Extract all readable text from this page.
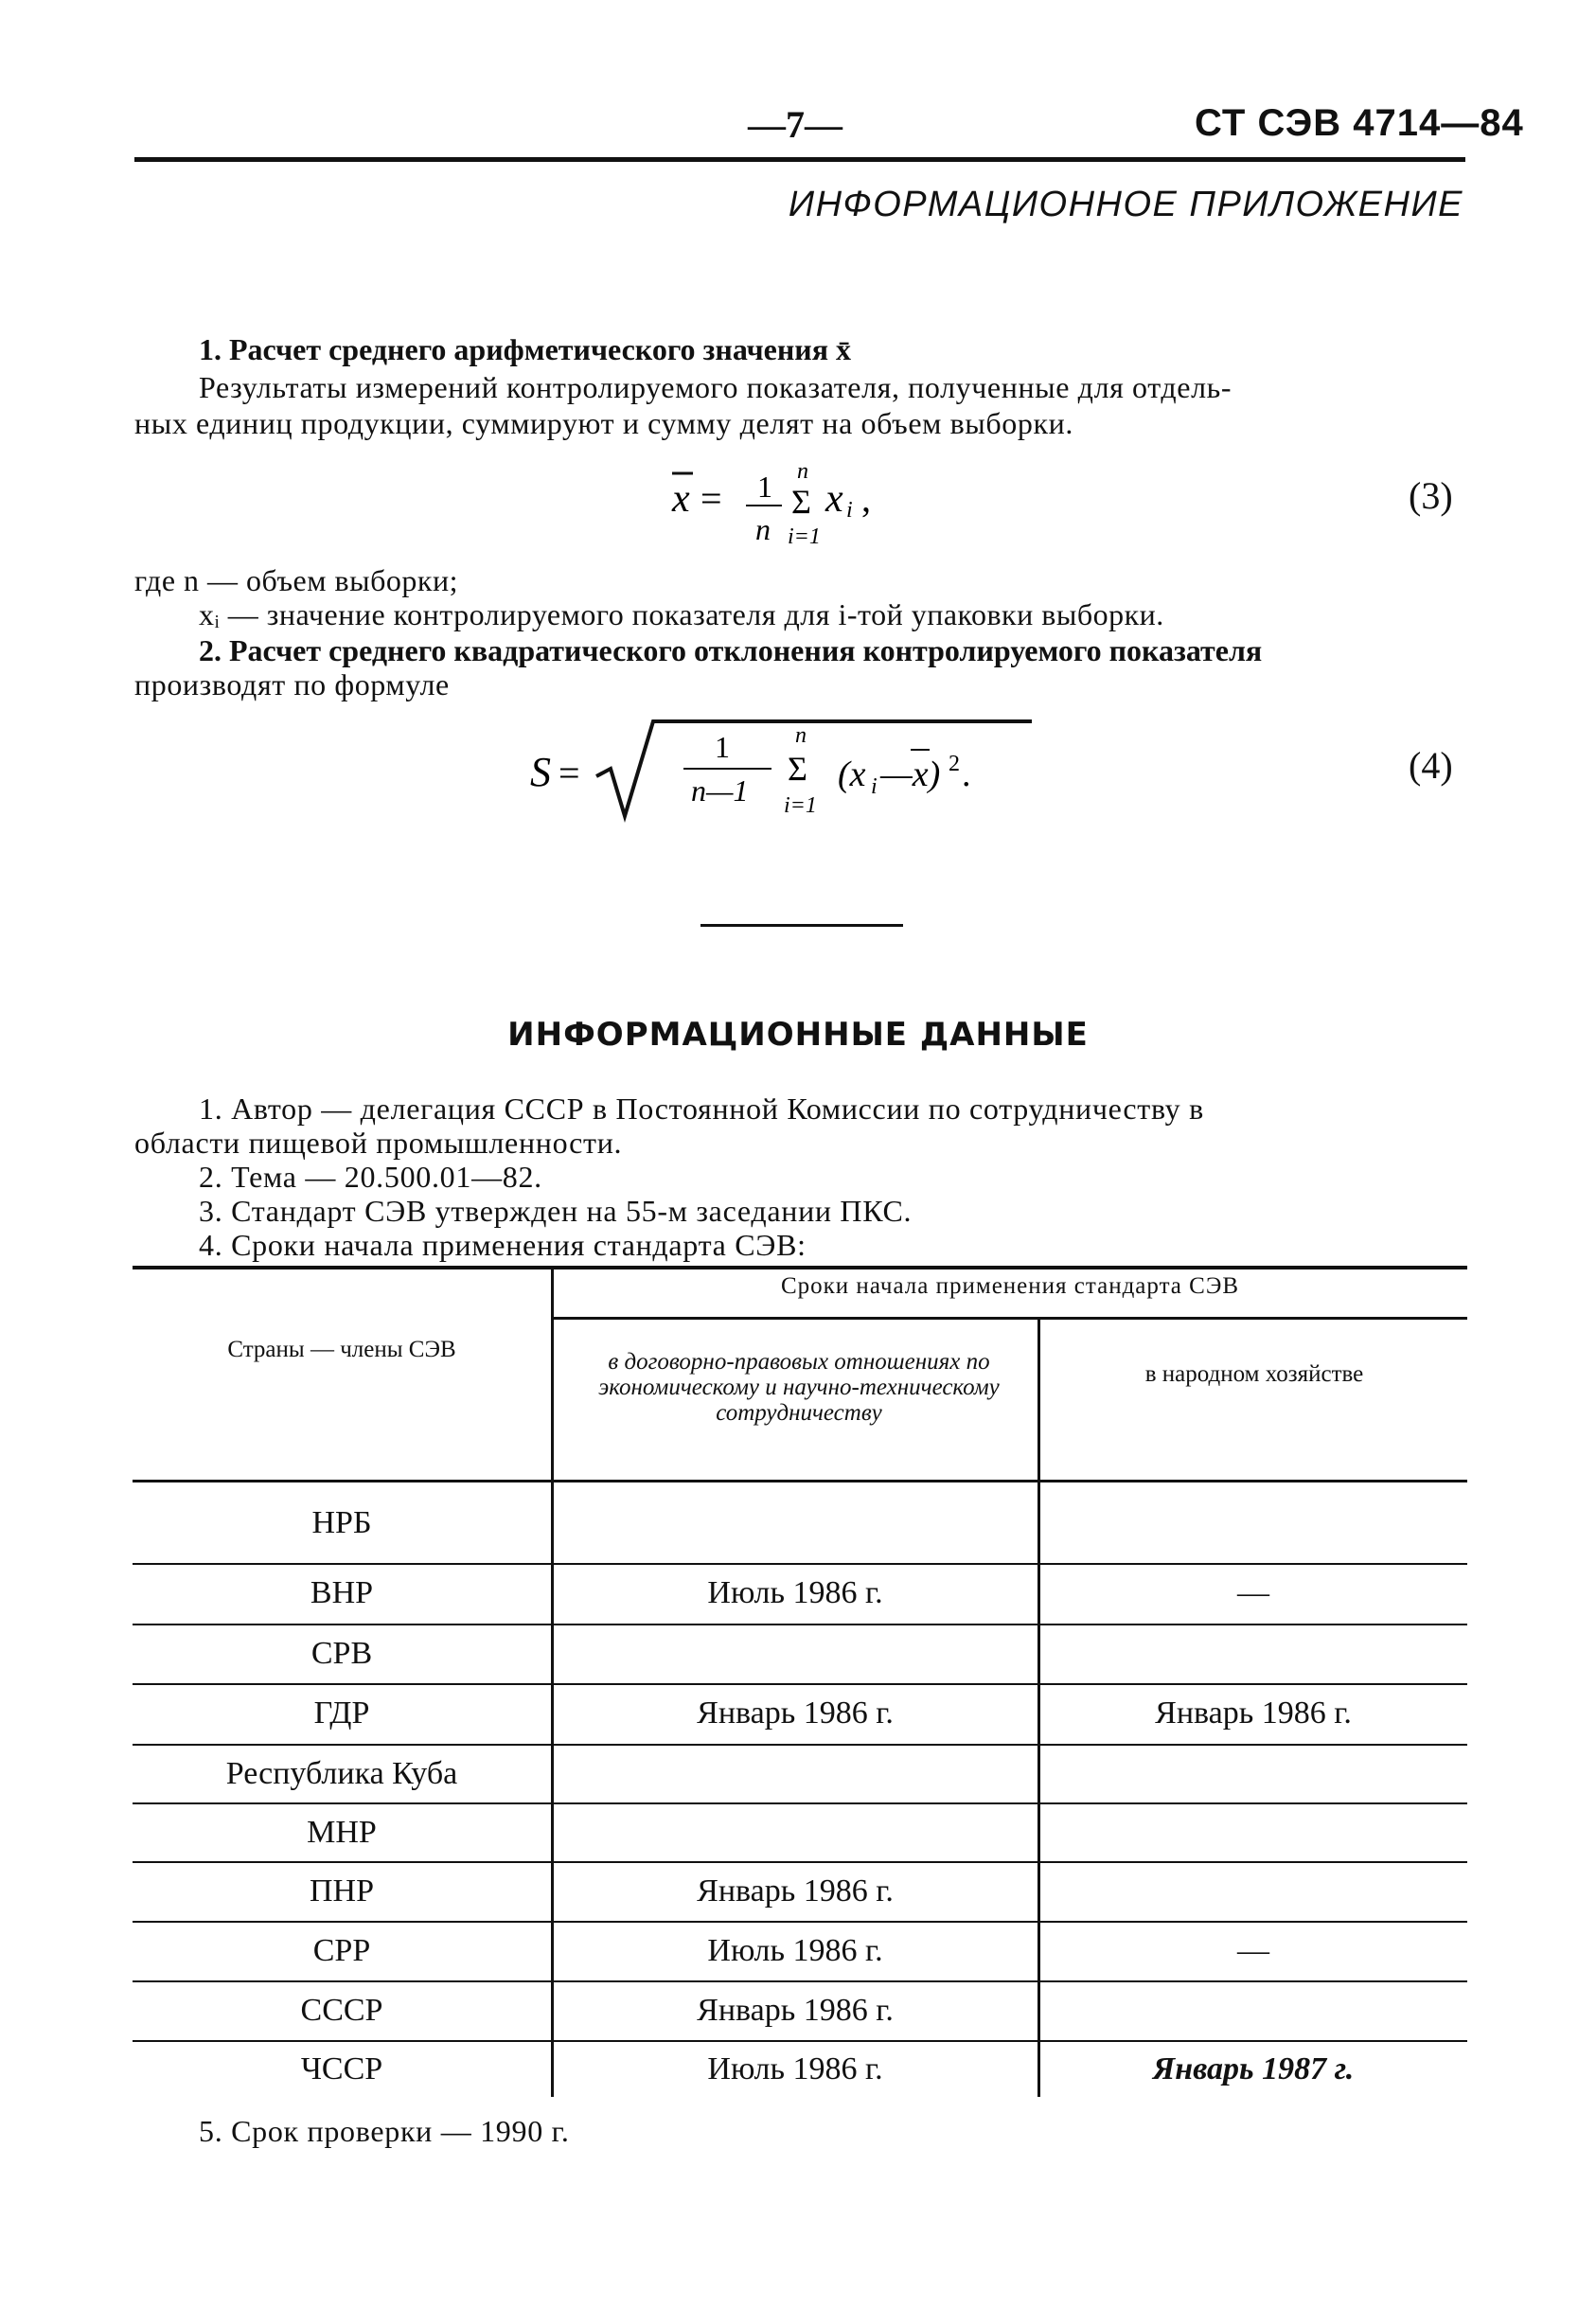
—7—	СТ СЭВ 4714—84
ИНФОРМАЦИОННОЕ ПРИЛОЖЕНИЕ
1. Расчет среднего арифметического значения x̄
Результаты измерений контролируемого показателя, полученные для отдель-
ных единиц продукции, суммируют и сумму делят на объем выборки.
x = 1
n
n
Σ
i=1
x i ,	(3)
где n — объем выборки;
xᵢ — значение контролируемого показателя для i-той упаковки выборки.
2. Расчет среднего квадратического отклонения контролируемого показателя
производят по формуле
S =
1
n—1
n
Σ
i=1
(x i —x) 2 .	(4)
ИНФОРМАЦИОННЫЕ ДАННЫЕ
1. Автор — делегация СССР в Постоянной Комиссии по сотрудничеству в
области пищевой промышленности.
2. Тема — 20.500.01—82.
3. Стандарт СЭВ утвержден на 55-м заседании ПКС.
4. Сроки начала применения стандарта СЭВ:
Страны — члены СЭВ
Сроки начала применения стандарта СЭВ
в договорно-правовых отношениях по экономическому и научно-техническому сотрудничеству
в народном хозяйстве
НРБ
ВНР	Июль 1986 г.	—
СРВ
ГДР	Январь 1986 г.	Январь 1986 г.
Республика Куба
МНР
ПНР	Январь 1986 г.
СРР	Июль 1986 г.	—
СССР	Январь 1986 г.
ЧССР	Июль 1986 г.	Январь 1987 г.
5. Срок проверки — 1990 г.
